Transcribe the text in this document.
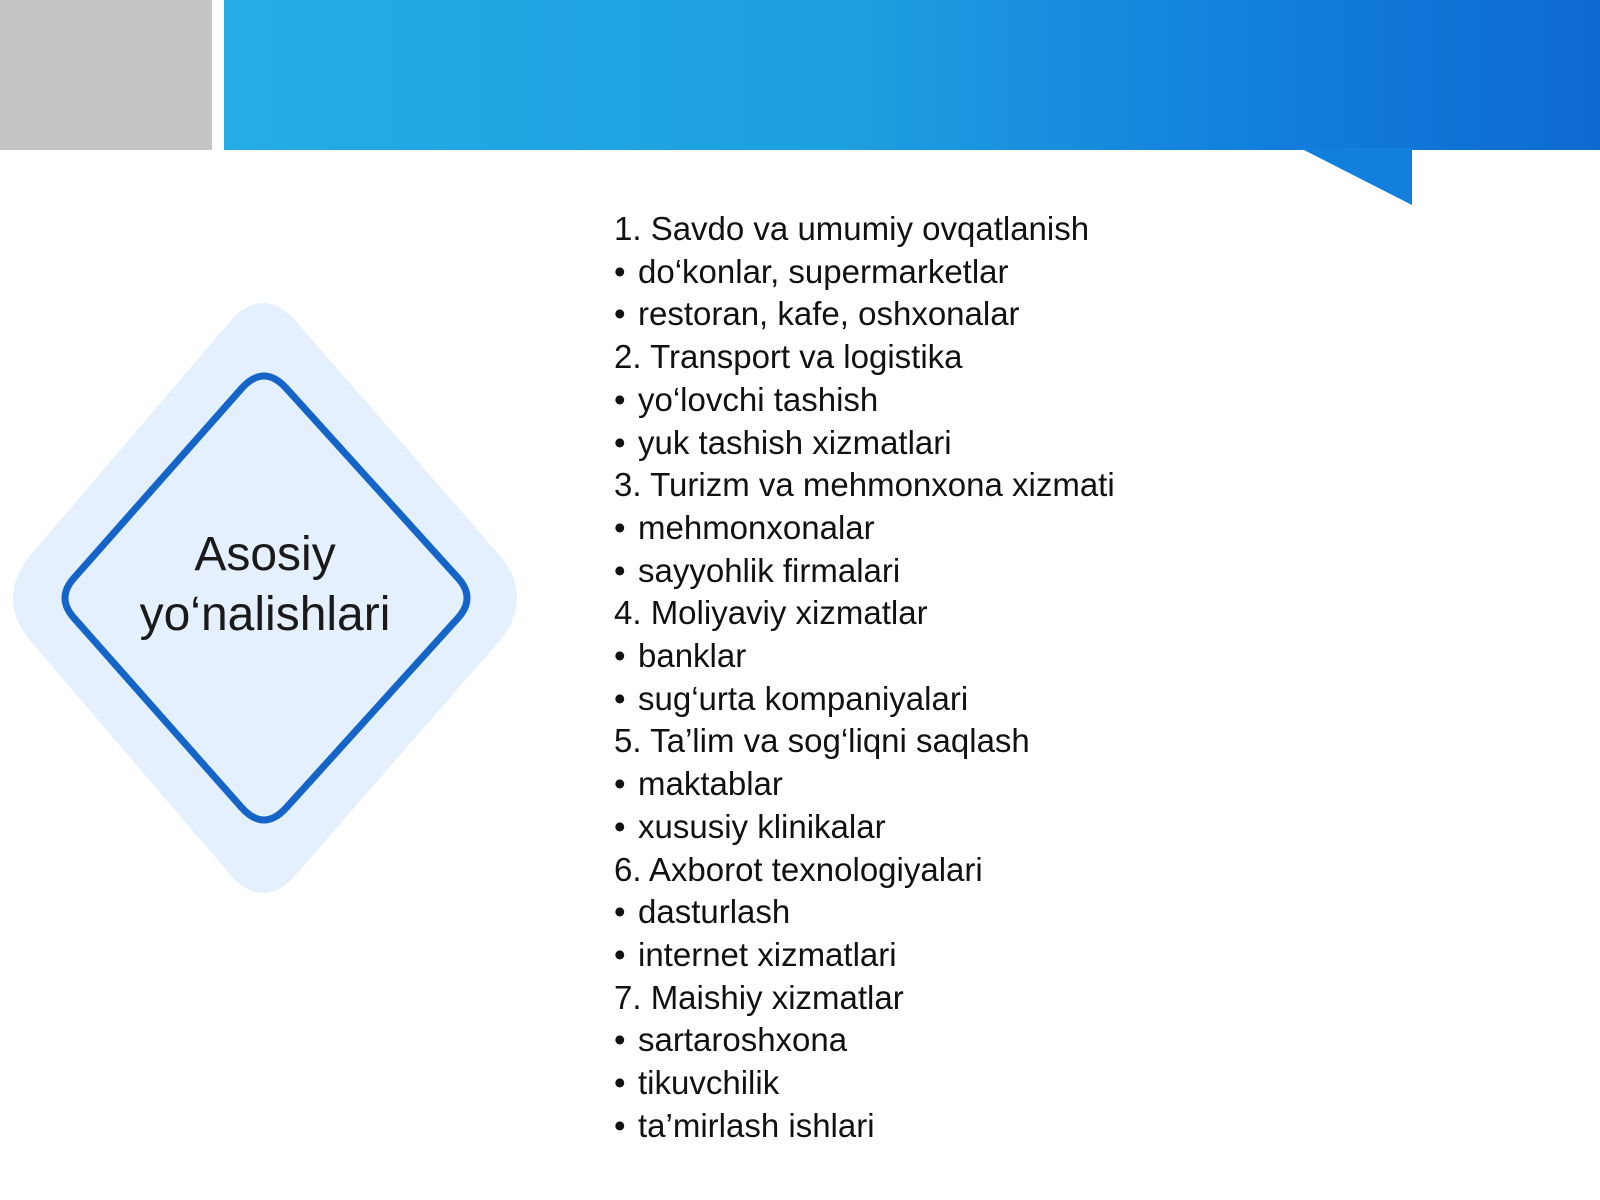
Asosiy
yo‘nalishlari
1. Savdo va umumiy ovqatlanish
• do‘konlar, supermarketlar
• restoran, kafe, oshxonalar
2. Transport va logistika
• yo‘lovchi tashish
• yuk tashish xizmatlari
3. Turizm va mehmonxona xizmati
• mehmonxonalar
• sayyohlik firmalari
4. Moliyaviy xizmatlar
• banklar
• sug‘urta kompaniyalari
5. Ta’lim va sog‘liqni saqlash
• maktablar
• xususiy klinikalar
6. Axborot texnologiyalari
• dasturlash
• internet xizmatlari
7. Maishiy xizmatlar
• sartaroshxona
• tikuvchilik
• ta’mirlash ishlari
